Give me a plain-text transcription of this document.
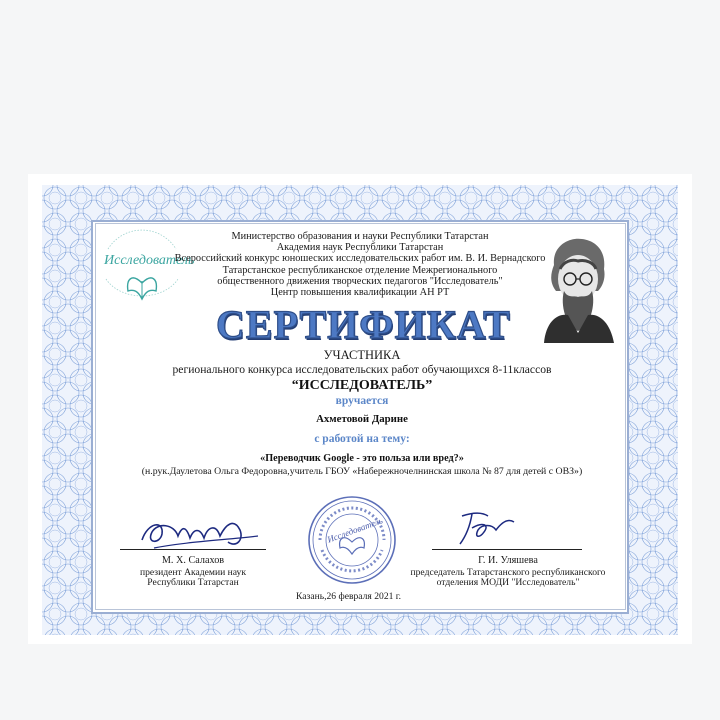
Исследователь
Министерство образования и науки Республики Татарстан
Академия наук Республики Татарстан
Всероссийский конкурс юношеских исследовательских работ им. В. И. Вернадского
Татарстанское республиканское отделение Межрегионального
общественного движения творческих педагогов "Исследователь"
Центр повышения квалификации АН РТ
СЕРТИФИКАТ
УЧАСТНИКА
регионального конкурса исследовательских работ обучающихся 8-11классов
“ИССЛЕДОВАТЕЛЬ”
вручается
Ахметовой Дарине
с работой на тему:
«Переводчик Google - это польза или вред?»
(н.рук.Даулетова Ольга Федоровна,учитель ГБОУ «Набережночелнинская школа № 87 для детей с ОВЗ»)
М. Х. Салахов
президент Академии наук
Республики Татарстан
Исследователь
Г. И. Уляшева
председатель Татарстанского республиканского
отделения МОДИ "Исследователь"
Казань,26 февраля 2021 г.
